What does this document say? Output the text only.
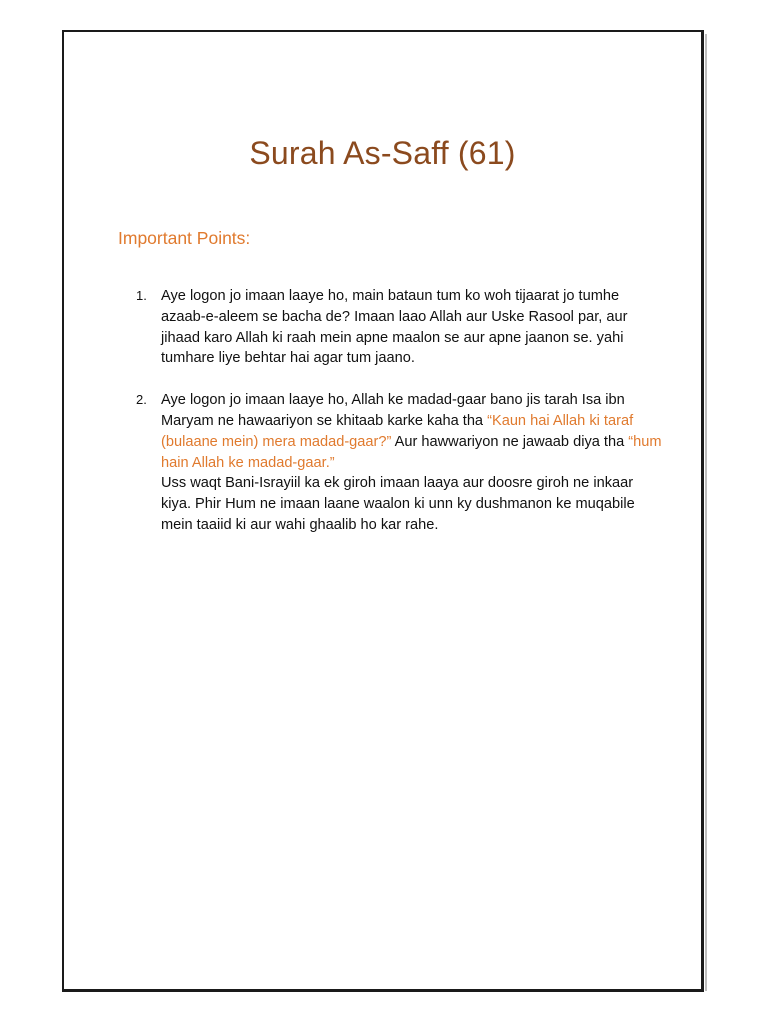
Surah As-Saff (61)
Important Points:
1. Aye logon jo imaan laaye ho, main bataun tum ko woh tijaarat jo tumhe azaab-e-aleem se bacha de? Imaan laao Allah aur Uske Rasool par, aur jihaad karo Allah ki raah mein apne maalon se aur apne jaanon se. yahi tumhare liye behtar hai agar tum jaano.
2. Aye logon jo imaan laaye ho, Allah ke madad-gaar bano jis tarah Isa ibn Maryam ne hawaariyon se khitaab karke kaha tha “Kaun hai Allah ki taraf (bulaane mein) mera madad-gaar?” Aur hawwariyon ne jawaab diya tha “hum hain Allah ke madad-gaar.”
Uss waqt Bani-Israyiil ka ek giroh imaan laaya aur doosre giroh ne inkaar kiya. Phir Hum ne imaan laane waalon ki unn ky dushmanon ke muqabile mein taaiid ki aur wahi ghaalib ho kar rahe.
